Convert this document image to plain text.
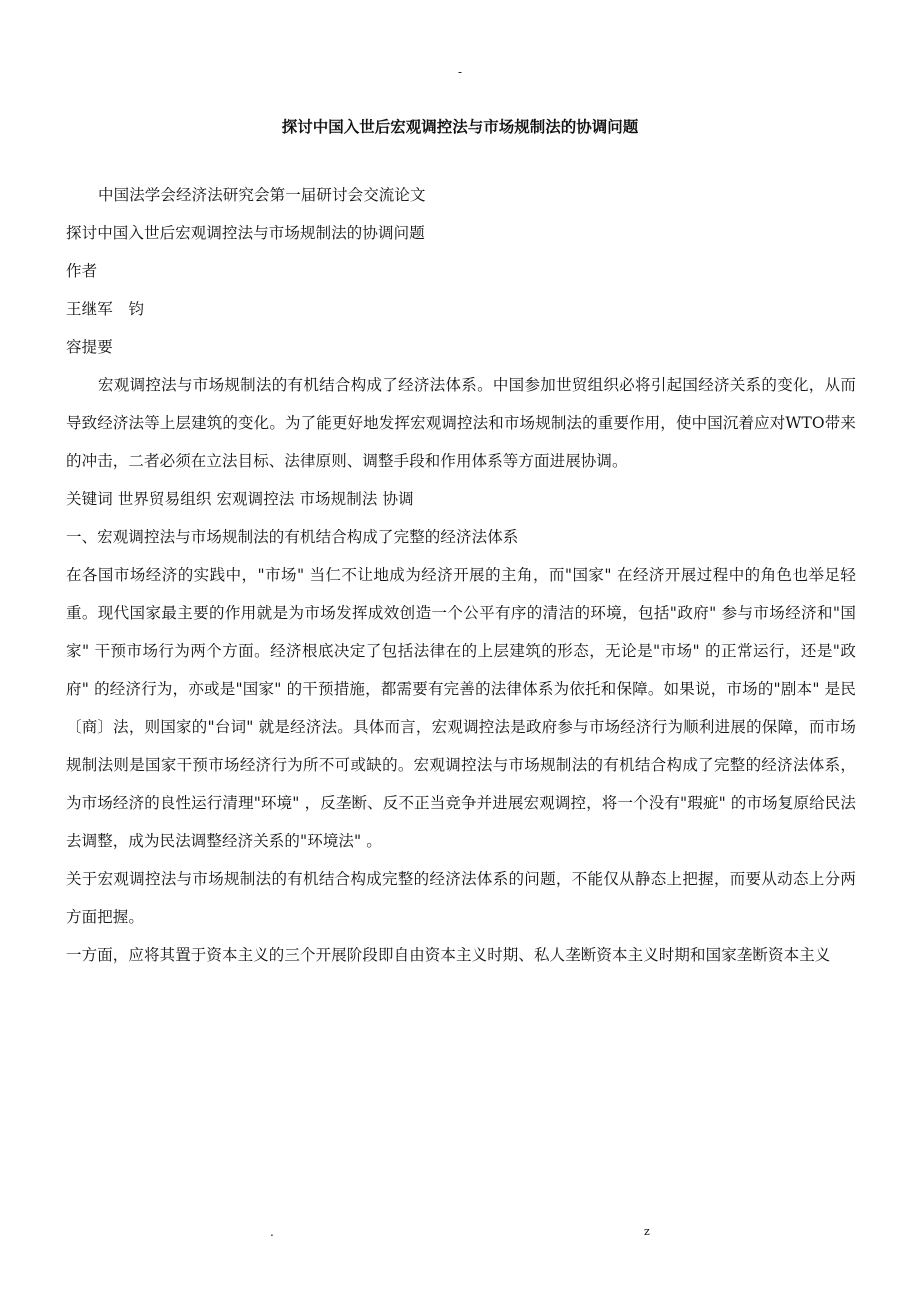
-
探讨中国入世后宏观调控法与市场规制法的协调问题

中国法学会经济法研究会第一届研讨会交流论文

探讨中国入世后宏观调控法与市场规制法的协调问题

作者

王继军　钧

容提要

宏观调控法与市场规制法的有机结合构成了经济法体系。中国参加世贸组织必将引起国经济关系的变化，从而导致经济法等上层建筑的变化。为了能更好地发挥宏观调控法和市场规制法的重要作用，使中国沉着应对WTO带来的冲击，二者必须在立法目标、法律原则、调整手段和作用体系等方面进展协调。

关键词 世界贸易组织 宏观调控法 市场规制法 协调

一、宏观调控法与市场规制法的有机结合构成了完整的经济法体系

在各国市场经济的实践中，"市场" 当仁不让地成为经济开展的主角，而"国家" 在经济开展过程中的角色也举足轻重。现代国家最主要的作用就是为市场发挥成效创造一个公平有序的清洁的环境，包括"政府" 参与市场经济和"国家" 干预市场行为两个方面。经济根底决定了包括法律在的上层建筑的形态，无论是"市场" 的正常运行，还是"政府" 的经济行为，亦或是"国家" 的干预措施，都需要有完善的法律体系为依托和保障。如果说，市场的"剧本" 是民〔商〕法，则国家的"台词" 就是经济法。具体而言，宏观调控法是政府参与市场经济行为顺利进展的保障，而市场规制法则是国家干预市场经济行为所不可或缺的。宏观调控法与市场规制法的有机结合构成了完整的经济法体系，为市场经济的良性运行清理"环境" ，反垄断、反不正当竞争并进展宏观调控，将一个没有"瑕疵" 的市场复原给民法去调整，成为民法调整经济关系的"环境法" 。

关于宏观调控法与市场规制法的有机结合构成完整的经济法体系的问题，不能仅从静态上把握，而要从动态上分两方面把握。

一方面，应将其置于资本主义的三个开展阶段即自由资本主义时期、私人垄断资本主义时期和国家垄断资本主义

.	z
